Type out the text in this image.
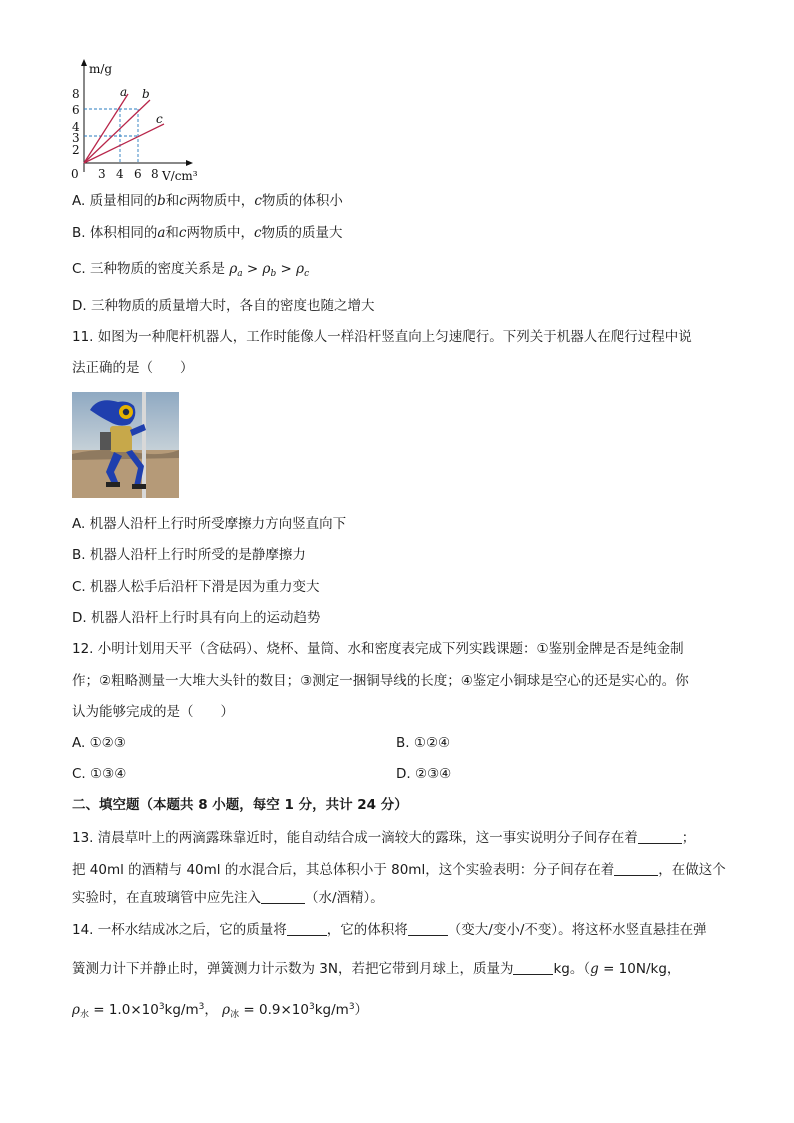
m/g
V/cm³
0
8
6
4
3
2
3 4 6 8
a b
c
A. 质量相同的b和c两物质中，c物质的体积小
B. 体积相同的a和c两物质中，c物质的质量大
C. 三种物质的密度关系是 $\rho_a > \rho_b > \rho_c$
D. 三种物质的质量增大时，各自的密度也随之增大
11. 如图为一种爬杆机器人，工作时能像人一样沿杆竖直向上匀速爬行。下列关于机器人在爬行过程中说
法正确的是（　　）
A. 机器人沿杆上行时所受摩擦力方向竖直向下
B. 机器人沿杆上行时所受的是静摩擦力
C. 机器人松手后沿杆下滑是因为重力变大
D. 机器人沿杆上行时具有向上的运动趋势
12. 小明计划用天平（含砝码）、烧杯、量筒、水和密度表完成下列实践课题：①鉴别金牌是否是纯金制
作；②粗略测量一大堆大头针的数目；③测定一捆铜导线的长度；④鉴定小铜球是空心的还是实心的。你
认为能够完成的是（　　）
A. ①②③	B. ①②④
C. ①③④	D. ②③④
二、填空题（本题共 8 小题，每空 1 分，共计 24 分）
13. 清晨草叶上的两滴露珠靠近时，能自动结合成一滴较大的露珠，这一事实说明分子间存在着	；
把 40ml 的酒精与 40ml 的水混合后，其总体积小于 80ml，这个实验表明：分子间存在着	，在做这个
实验时，在直玻璃管中应先注入	（水/酒精）。
14. 一杯水结成冰之后，它的质量将	，它的体积将	（变大/变小/不变）。将这杯水竖直悬挂在弹
簧测力计下并静止时，弹簧测力计示数为 3N，若把它带到月球上，质量为	kg。（g = 10N/kg，
$\rho_水 = 1.0\times 10^3kg/m^3$， $\rho_冰 = 0.9\times 10^3kg/m^3$）
